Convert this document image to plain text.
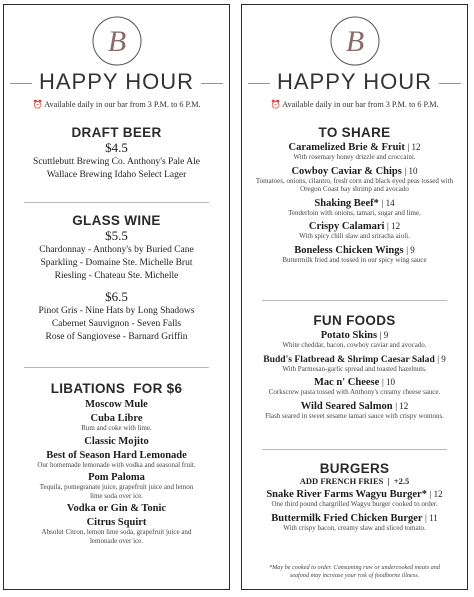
B
HAPPY HOUR
⏰ Available daily in our bar from 3 P.M. to 6 P.M.
DRAFT BEER
$4.5
Scuttlebutt Brewing Co. Anthony's Pale Ale
Wallace Brewing Idaho Select Lager
GLASS WINE
$5.5
Chardonnay - Anthony's by Buried Cane
Sparkling - Domaine Ste. Michelle Brut
Riesling - Chateau Ste. Michelle
$6.5
Pinot Gris - Nine Hats by Long Shadows
Cabernet Sauvignon - Seven Falls
Rose of Sangiovese - Barnard Griffin
LIBATIONS  FOR $6
Moscow Mule
Cuba Libre
Rum and coke with lime.
Classic Mojito
Best of Season Hard Lemonade
Our homemade lemonade with vodka and seasonal fruit.
Pom Paloma
Tequila, pomegranate juice, grapefruit juice and lemon lime soda over ice.
Vodka or Gin & Tonic
Citrus Squirt
Absolut Citron, lemon lime soda, grapefruit juice and lemonade over ice.
B
HAPPY HOUR
⏰ Available daily in our bar from 3 P.M. to 6 P.M.
TO SHARE
Caramelized Brie & Fruit | 12
With rosemary honey drizzle and croccaini.
Cowboy Caviar & Chips | 10
Tomatoes, onions, cilantro, fresh corn and black eyed peas tossed with Oregon Coast bay shrimp and avocado
Shaking Beef* | 14
Tenderloin with onions, tamari, sugar and lime.
Crispy Calamari | 12
With spicy chili slaw and sriracha aioli.
Boneless Chicken Wings | 9
Buttermilk fried and tossed in our spicy wing sauce
FUN FOODS
Potato Skins | 9
White cheddar, bacon, cowboy caviar and avocado.
Budd's Flatbread & Shrimp Caesar Salad | 9
With Parmesan-garlic spread and toasted hazelnuts.
Mac n' Cheese | 10
Corkscrew pasta tossed with Anthony's creamy cheese sauce.
Wild Seared Salmon | 12
Flash seared in sweet sesame tamari sauce with crispy wontons.
BURGERS
ADD FRENCH FRIES  |  +2.5
Snake River Farms Wagyu Burger* | 12
One third pound chargrilled Wagyu burger cooked to order.
Buttermilk Fried Chicken Burger | 11
With crispy bacon, creamy slaw and sliced tomato.
*May be cooked to order. Consuming raw or undercooked meats and seafood may increase your risk of foodborne illness.
